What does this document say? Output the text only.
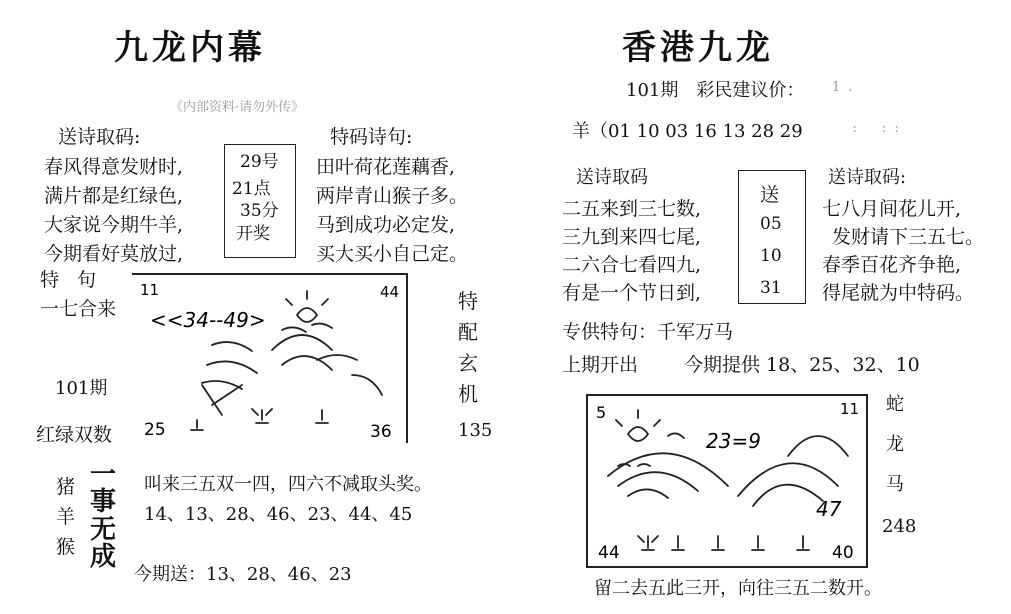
九龙内幕

《内部资料·请勿外传》
送诗取码:	特码诗句:
春风得意发财时,
满片都是红绿色,
大家说今期牛羊,
今期看好莫放过,
29号
21点
35分
开奖
田叶荷花莲藕香,
两岸青山猴子多。
马到成功必定发,
买大买小自己定。
特 句
一七合来
101期
红绿双数
11	44
25	36
<<34--49>
特配玄机
135
猪
羊
猴
一事无成
叫来三五双一四，四六不减取头奖。
14、13、28、46、23、44、45
今期送：13、28、46、23
香港九龙
101期　彩民建议价： 1  .
羊（01 10 03 16 13 28 29	:      :  :
送诗取码	送诗取码:
二五来到三七数,
三九到来四七尾,
二六合七看四九,
有是一个节日到,
送
05
10
31
七八月间花儿开,
发财请下三五七。
春季百花齐争艳,
得尾就为中特码。
专供特句：千军万马
上期开出 今期提供 18、25、32、10
5	11
44	40
23=9
47
蛇
龙
马
248
留二去五此三开，向往三五二数开。
